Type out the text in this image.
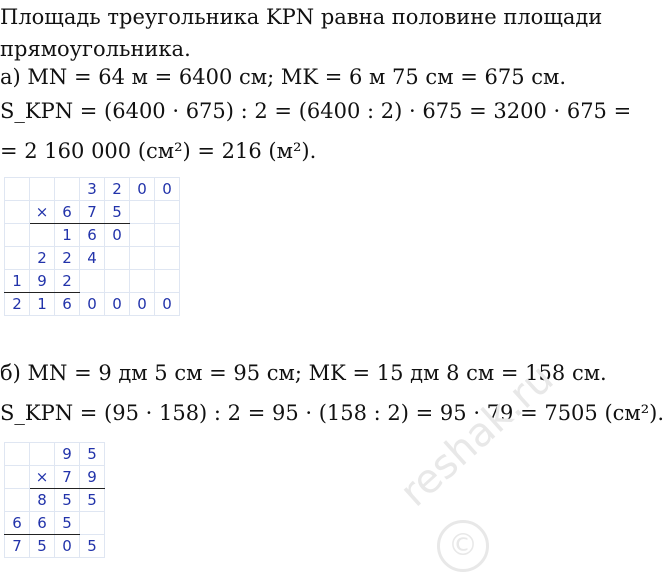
Площадь треугольника KPN равна половине площади
прямоугольника.
а) MN = 64 м = 6400 см; MK = 6 м 75 см = 675 см.
S_KPN = (6400 · 675) : 2 = (6400 : 2) · 675 = 3200 · 675 =
= 2 160 000 (см²) = 216 (м²).
			3	2	0	0
	×	6	7	5		
		1	6	0		
	2	2	4			
1	9	2				
2	1	6	0	0	0	0
б) MN = 9 дм 5 см = 95 см; MK = 15 дм 8 см = 158 см.
S_KPN = (95 · 158) : 2 = 95 · (158 : 2) = 95 · 79 = 7505 (см²).
		9	5
	×	7	9
	8	5	5
6	6	5	
7	5	0	5
reshak.ru
©
